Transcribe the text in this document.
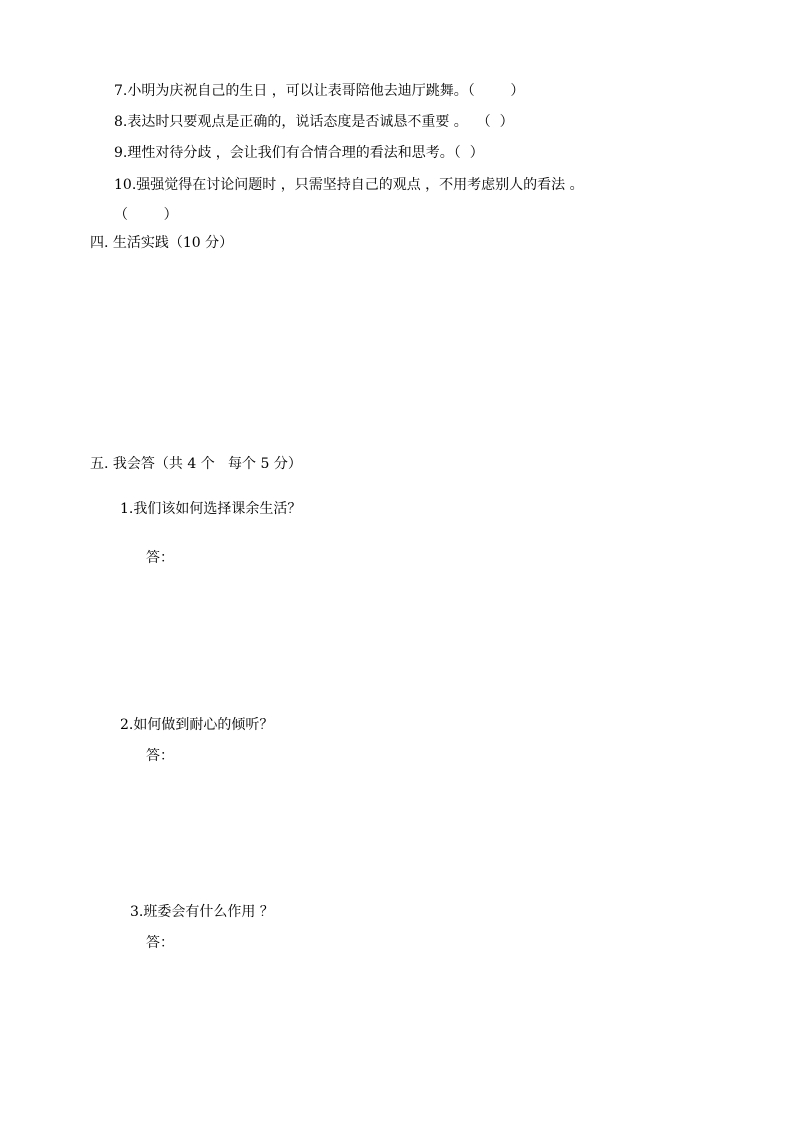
7.小明为庆祝自己的生日 ，可以让表哥陪他去迪厅跳舞。（        ）
8.表达时只要观点是正确的，说话态度是否诚恳不重要 。  （  ）
9.理性对待分歧 ，会让我们有合情合理的看法和思考。（  ）
10.强强觉得在讨论问题时 ，只需坚持自己的观点 ，不用考虑别人的看法 。
（        ）
四. 生活实践（10 分）
五. 我会答（共 4 个   每个 5 分）
1.我们该如何选择课余生活？
答：
2.如何做到耐心的倾听？
答：
3.班委会有什么作用 ？
答：
